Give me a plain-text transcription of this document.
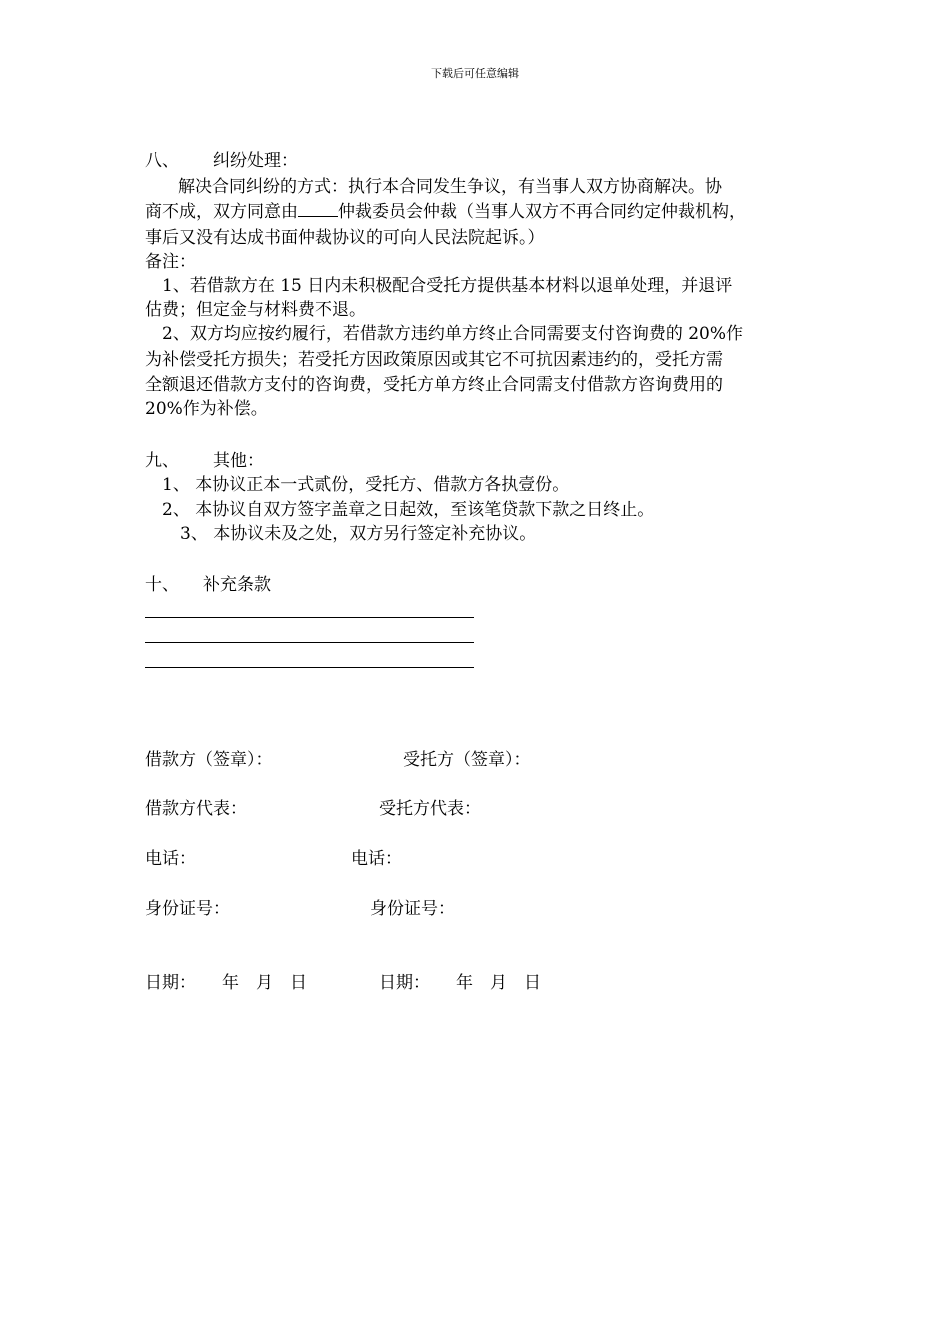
下载后可任意编辑
八、 纠纷处理：
解决合同纠纷的方式：执行本合同发生争议，有当事人双方协商解决。协
商不成，双方同意由 仲裁委员会仲裁（当事人双方不再合同约定仲裁机构，
事后又没有达成书面仲裁协议的可向人民法院起诉。）
备注：
1、若借款方在 15 日内未积极配合受托方提供基本材料以退单处理，并退评
估费；但定金与材料费不退。
2、双方均应按约履行，若借款方违约单方终止合同需要支付咨询费的 20%作
为补偿受托方损失；若受托方因政策原因或其它不可抗因素违约的，受托方需
全额退还借款方支付的咨询费，受托方单方终止合同需支付借款方咨询费用的
20%作为补偿。
九、 其他：
1、 本协议正本一式贰份，受托方、借款方各执壹份。
2、 本协议自双方签字盖章之日起效，至该笔贷款下款之日终止。
3、 本协议未及之处，双方另行签定补充协议。
十、 补充条款
借款方（签章）：	受托方（签章）：
借款方代表：	受托方代表：
电话：	电话：
身份证号：	身份证号：
日期： 年　月　日	日期： 年　月　日
